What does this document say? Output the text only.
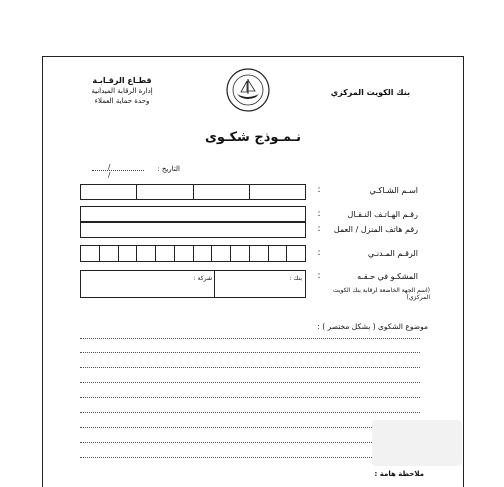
قطـاع الرقـابـة
إدارة الرقابة الميدانية
وحدة حماية العملاء
بنك الكويت المركزي
نـمـوذج شكـوى
التاريخ :
/ /
اسـم الشـاكـي
:
رقـم الهـاتـف النـقـال
:
رقم هاتف المنزل / العمل
:
الرقـم المـدنـي
:
المشكـو في حـقـه
:
(اسم الجهة الخاضعة لرقابة بنك الكويت المركزي)
بنك :
شركة :
موضوع الشكوى ( بشكل مختصر ) :
ملاحظة هامة :
